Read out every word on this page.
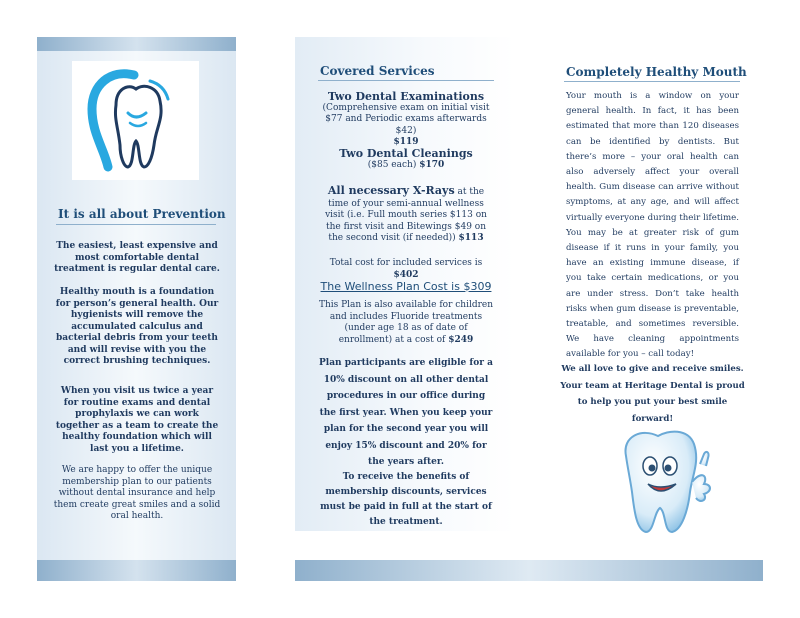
It is all about Prevention
The easiest, least expensive and most comfortable dental treatment is regular dental care.
Healthy mouth is a foundation for person’s general health. Our hygienists will remove the accumulated calculus and bacterial debris from your teeth and will revise with you the correct brushing techniques.
When you visit us twice a year for routine exams and dental prophylaxis we can work together as a team to create the healthy foundation which will last you a lifetime.
We are happy to offer the unique membership plan to our patients without dental insurance and help them create great smiles and a solid oral health.
Covered Services
Two Dental Examinations
(Comprehensive exam on initial visit $77 and Periodic exams afterwards $42)
$119
Two Dental Cleanings
($85 each) $170
All necessary X-Rays at the time of your semi-annual wellness visit (i.e. Full mouth series $113 on the first visit and Bitewings $49 on the second visit (if needed)) $113
Total cost for included services is $402
The Wellness Plan Cost is $309
This Plan is also available for children and includes Fluoride treatments (under age 18 as of date of enrollment) at a cost of $249
Plan participants are eligible for a 10% discount on all other dental procedures in our office during the first year. When you keep your plan for the second year you will enjoy 15% discount and 20% for the years after.
To receive the benefits of membership discounts, services must be paid in full at the start of the treatment.
Completely Healthy Mouth
Your mouth is a window on your general health. In fact, it has been estimated that more than 120 diseases can be identified by dentists. But there’s more – your oral health can also adversely affect your overall health. Gum disease can arrive without symptoms, at any age, and will affect virtually everyone during their lifetime. You may be at greater risk of gum disease if it runs in your family, you have an existing immune disease, if you take certain medications, or you are under stress. Don’t take health risks when gum disease is preventable, treatable, and sometimes reversible. We have cleaning appointments available for you – call today!
We all love to give and receive smiles. Your team at Heritage Dental is proud to help you put your best smile forward!
